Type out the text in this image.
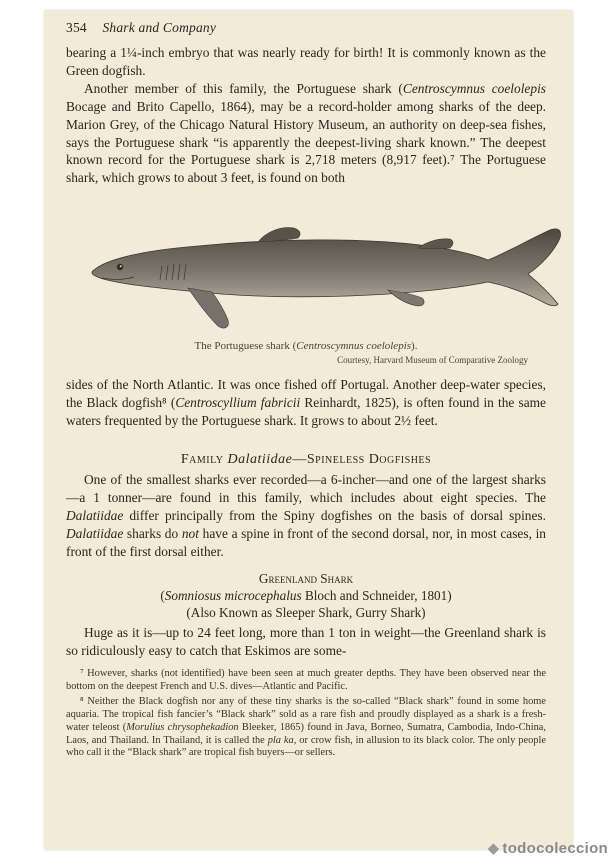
354 Shark and Company

bearing a 1¼-inch embryo that was nearly ready for birth! It is commonly known as the Green dogfish.

Another member of this family, the Portuguese shark (Centroscymnus coelolepis Bocage and Brito Capello, 1864), may be a record-holder among sharks of the deep. Marion Grey, of the Chicago Natural History Museum, an authority on deep-sea fishes, says the Portuguese shark “is apparently the deepest-living shark known.” The deepest known record for the Portuguese shark is 2,718 meters (8,917 feet).⁷ The Portuguese shark, which grows to about 3 feet, is found on both

The Portuguese shark (Centroscymnus coelolepis).
Courtesy, Harvard Museum of Comparative Zoology

sides of the North Atlantic. It was once fished off Portugal. Another deep-water species, the Black dogfish⁸ (Centroscyllium fabricii Reinhardt, 1825), is often found in the same waters frequented by the Portuguese shark. It grows to about 2½ feet.

Family Dalatiidae—Spineless Dogfishes

One of the smallest sharks ever recorded—a 6-incher—and one of the largest sharks—a 1 tonner—are found in this family, which includes about eight species. The Dalatiidae differ principally from the Spiny dogfishes on the basis of dorsal spines. Dalatiidae sharks do not have a spine in front of the second dorsal, nor, in most cases, in front of the first dorsal either.

Greenland Shark
(Somniosus microcephalus Bloch and Schneider, 1801)
(Also Known as Sleeper Shark, Gurry Shark)

Huge as it is—up to 24 feet long, more than 1 ton in weight—the Greenland shark is so ridiculously easy to catch that Eskimos are some-

⁷ However, sharks (not identified) have been seen at much greater depths. They have been observed near the bottom on the deepest French and U.S. dives—Atlantic and Pacific.

⁸ Neither the Black dogfish nor any of these tiny sharks is the so-called “Black shark” found in some home aquaria. The tropical fish fancier’s “Black shark” sold as a rare fish and proudly displayed as a shark is a fresh-water teleost (Morulius chrysophekadion Bleeker, 1865) found in Java, Borneo, Sumatra, Cambodia, Indo-China, Laos, and Thailand. In Thailand, it is called the pla ka, or crow fish, in allusion to its black color. The only people who call it the “Black shark” are tropical fish buyers—or sellers.

◆ todocoleccion
